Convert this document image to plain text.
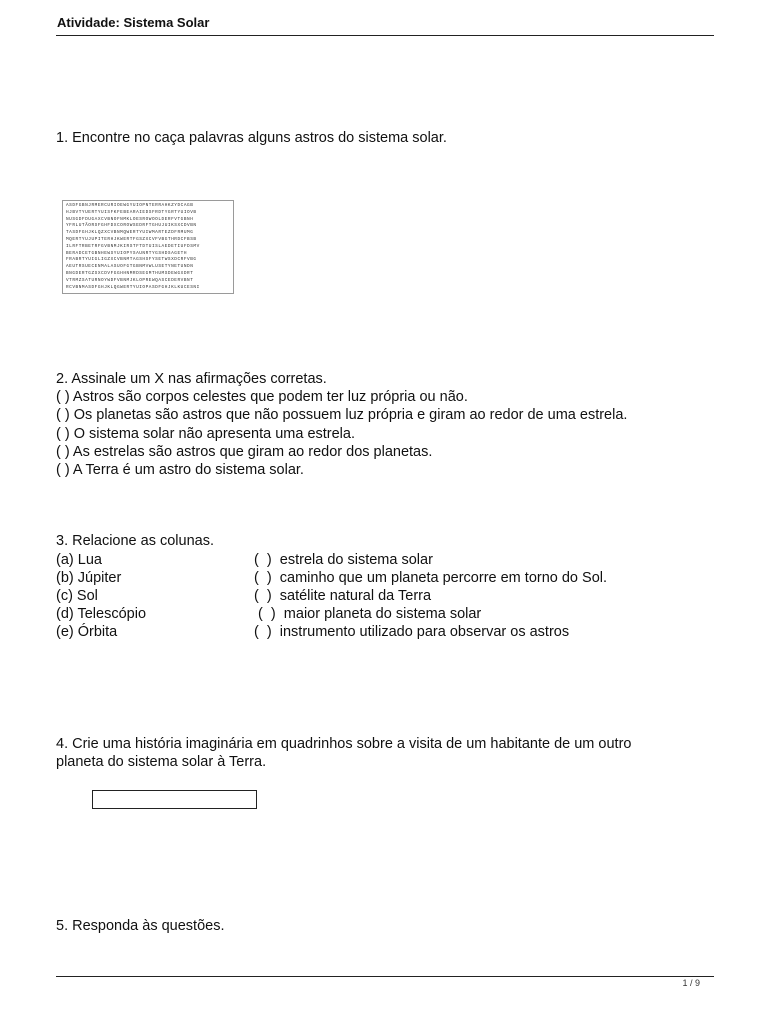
Atividade: Sistema Solar
1. Encontre no caça palavras alguns astros do sistema solar.
ASDFGBNJRMERCURIOEWGYUIOPNTERRAHKZYDCAGB
HJBVTYUERTYUISFKFEBEARAIEDSFRDTYGRTYUIOVB
NUSGDFDUGAXCVBNOFNMKLOESROWOOLDERFVTGBNH
YFRLUTÃORSFGHFDXCOROWSEDRFTGHUJUIKSXCDVBN
TASDFGHJKLQZXCVBNMQWERTYUIWMARTEZDFRMUMG
MQERTYUJUPITERHJKWERTFGSZXCVFVBGTHRDCFBSB
ILRFTRBETRFGVBNMJKIRSTFTDTUISLAEDETIUFDSMV
BERADCETGBNHEWSYUIOPYSAUNRTYGSHDSAGETH
FRABRTYUIGLIGZXCVBNMTAGSHSFYSETWSXDCRFVBG
AEUTRSUECENMALASUOFGTGBNMVWLUSETYNETUNDN
BNGDERTGZSXCDVFGGHHNMRDSEGMTHUMSDEWGXDRT
VTRMZSATURNOYWDFVBNMJKLOPREWQASCEDERVBNT
RCVBNMASDFGHJKLQGWERTYUIOPASDFGHJKLKUCESNI
2. Assinale um X nas afirmações corretas.
( ) Astros são corpos celestes que podem ter luz própria ou não.
( ) Os planetas são astros que não possuem luz própria e giram ao redor de uma estrela.
( ) O sistema solar não apresenta uma estrela.
( ) As estrelas são astros que giram ao redor dos planetas.
( ) A Terra é um astro do sistema solar.
3. Relacione as colunas.
(a) Lua
(b) Júpiter
(c) Sol
(d) Telescópio
(e) Órbita
(  )  estrela do sistema solar
(  )  caminho que um planeta percorre em torno do Sol.
(  )  satélite natural da Terra
(  )  maior planeta do sistema solar
(  )  instrumento utilizado para observar os astros
4. Crie uma história imaginária em quadrinhos sobre a visita de um habitante de um outro
planeta do sistema solar à Terra.
5. Responda às questões.
1 / 9
